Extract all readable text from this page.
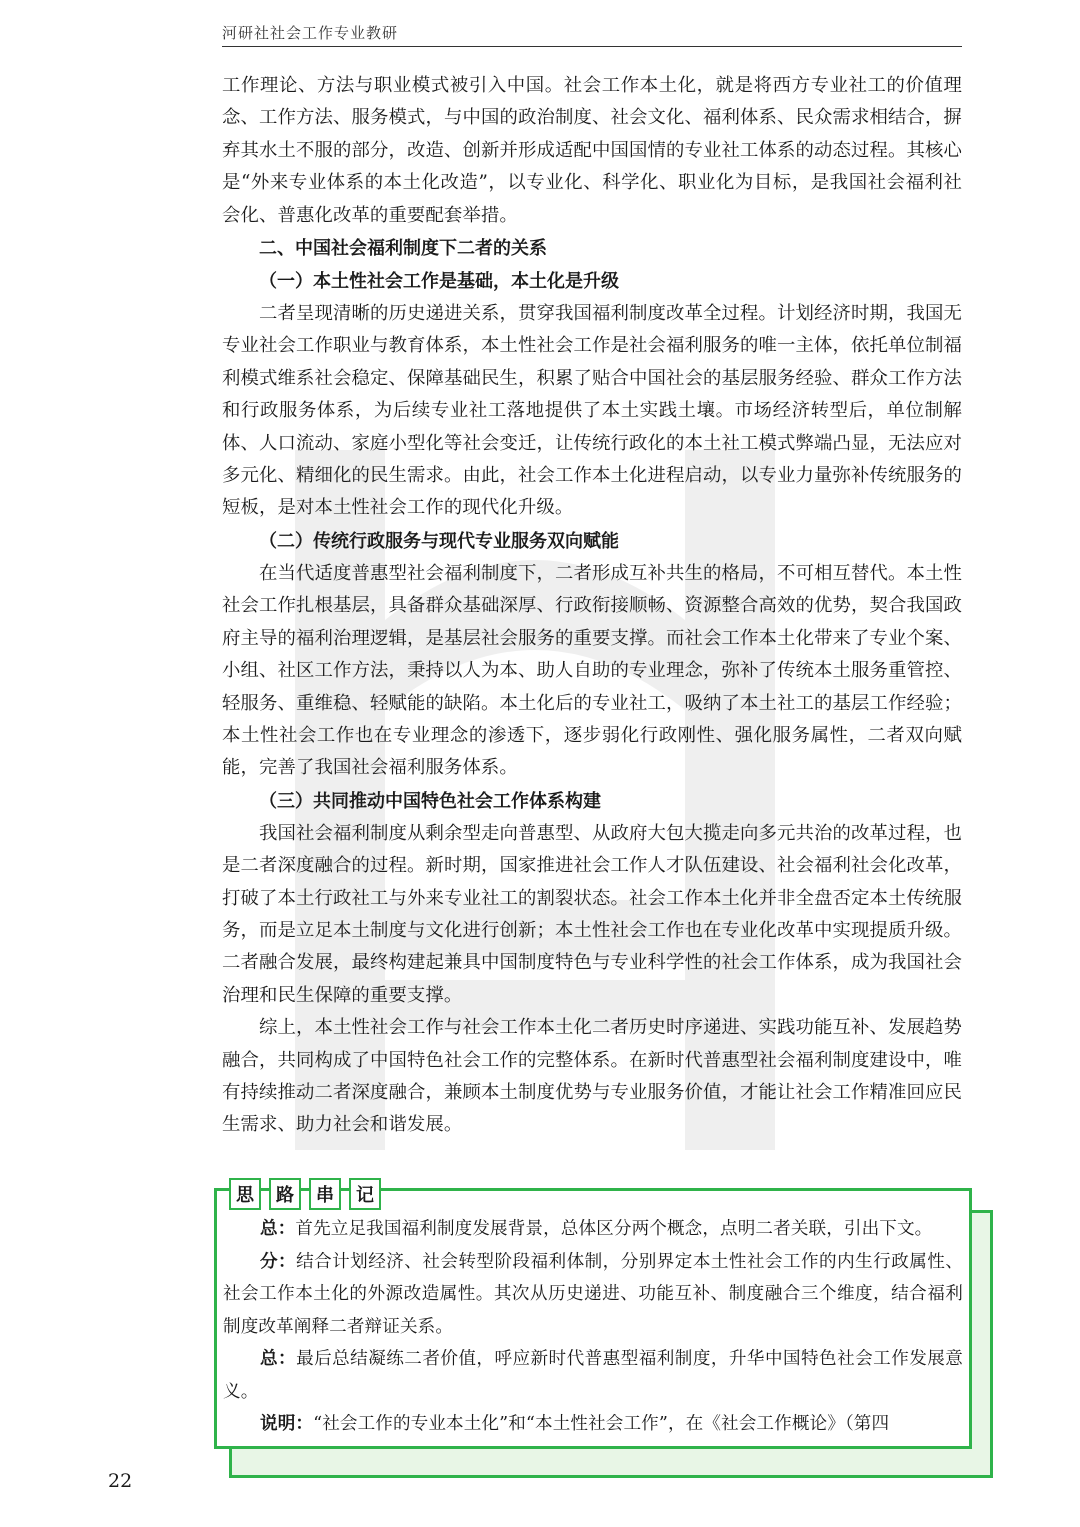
河研社社会工作专业教研

工作理论、方法与职业模式被引入中国。社会工作本土化，就是将西方专业社工的价值理念、工作方法、服务模式，与中国的政治制度、社会文化、福利体系、民众需求相结合，摒弃其水土不服的部分，改造、创新并形成适配中国国情的专业社工体系的动态过程。其核心是“外来专业体系的本土化改造”，以专业化、科学化、职业化为目标，是我国社会福利社会化、普惠化改革的重要配套举措。

二、中国社会福利制度下二者的关系

（一）本土性社会工作是基础，本土化是升级

二者呈现清晰的历史递进关系，贯穿我国福利制度改革全过程。计划经济时期，我国无专业社会工作职业与教育体系，本土性社会工作是社会福利服务的唯一主体，依托单位制福利模式维系社会稳定、保障基础民生，积累了贴合中国社会的基层服务经验、群众工作方法和行政服务体系，为后续专业社工落地提供了本土实践土壤。市场经济转型后，单位制解体、人口流动、家庭小型化等社会变迁，让传统行政化的本土社工模式弊端凸显，无法应对多元化、精细化的民生需求。由此，社会工作本土化进程启动，以专业力量弥补传统服务的短板，是对本土性社会工作的现代化升级。

（二）传统行政服务与现代专业服务双向赋能

在当代适度普惠型社会福利制度下，二者形成互补共生的格局，不可相互替代。本土性社会工作扎根基层，具备群众基础深厚、行政衔接顺畅、资源整合高效的优势，契合我国政府主导的福利治理逻辑，是基层社会服务的重要支撑。而社会工作本土化带来了专业个案、小组、社区工作方法，秉持以人为本、助人自助的专业理念，弥补了传统本土服务重管控、轻服务、重维稳、轻赋能的缺陷。本土化后的专业社工，吸纳了本土社工的基层工作经验；本土性社会工作也在专业理念的渗透下，逐步弱化行政刚性、强化服务属性，二者双向赋能，完善了我国社会福利服务体系。

（三）共同推动中国特色社会工作体系构建

我国社会福利制度从剩余型走向普惠型、从政府大包大揽走向多元共治的改革过程，也是二者深度融合的过程。新时期，国家推进社会工作人才队伍建设、社会福利社会化改革，打破了本土行政社工与外来专业社工的割裂状态。社会工作本土化并非全盘否定本土传统服务，而是立足本土制度与文化进行创新；本土性社会工作也在专业化改革中实现提质升级。二者融合发展，最终构建起兼具中国制度特色与专业科学性的社会工作体系，成为我国社会治理和民生保障的重要支撑。

综上，本土性社会工作与社会工作本土化二者历史时序递进、实践功能互补、发展趋势融合，共同构成了中国特色社会工作的完整体系。在新时代普惠型社会福利制度建设中，唯有持续推动二者深度融合，兼顾本土制度优势与专业服务价值，才能让社会工作精准回应民生需求、助力社会和谐发展。

思	路	串	记

总：首先立足我国福利制度发展背景，总体区分两个概念，点明二者关联，引出下文。

分：结合计划经济、社会转型阶段福利体制，分别界定本土性社会工作的内生行政属性、社会工作本土化的外源改造属性。其次从历史递进、功能互补、制度融合三个维度，结合福利制度改革阐释二者辩证关系。

总：最后总结凝练二者价值，呼应新时代普惠型福利制度，升华中国特色社会工作发展意义。

说明：“社会工作的专业本土化”和“本土性社会工作”，在《社会工作概论》（第四

22
